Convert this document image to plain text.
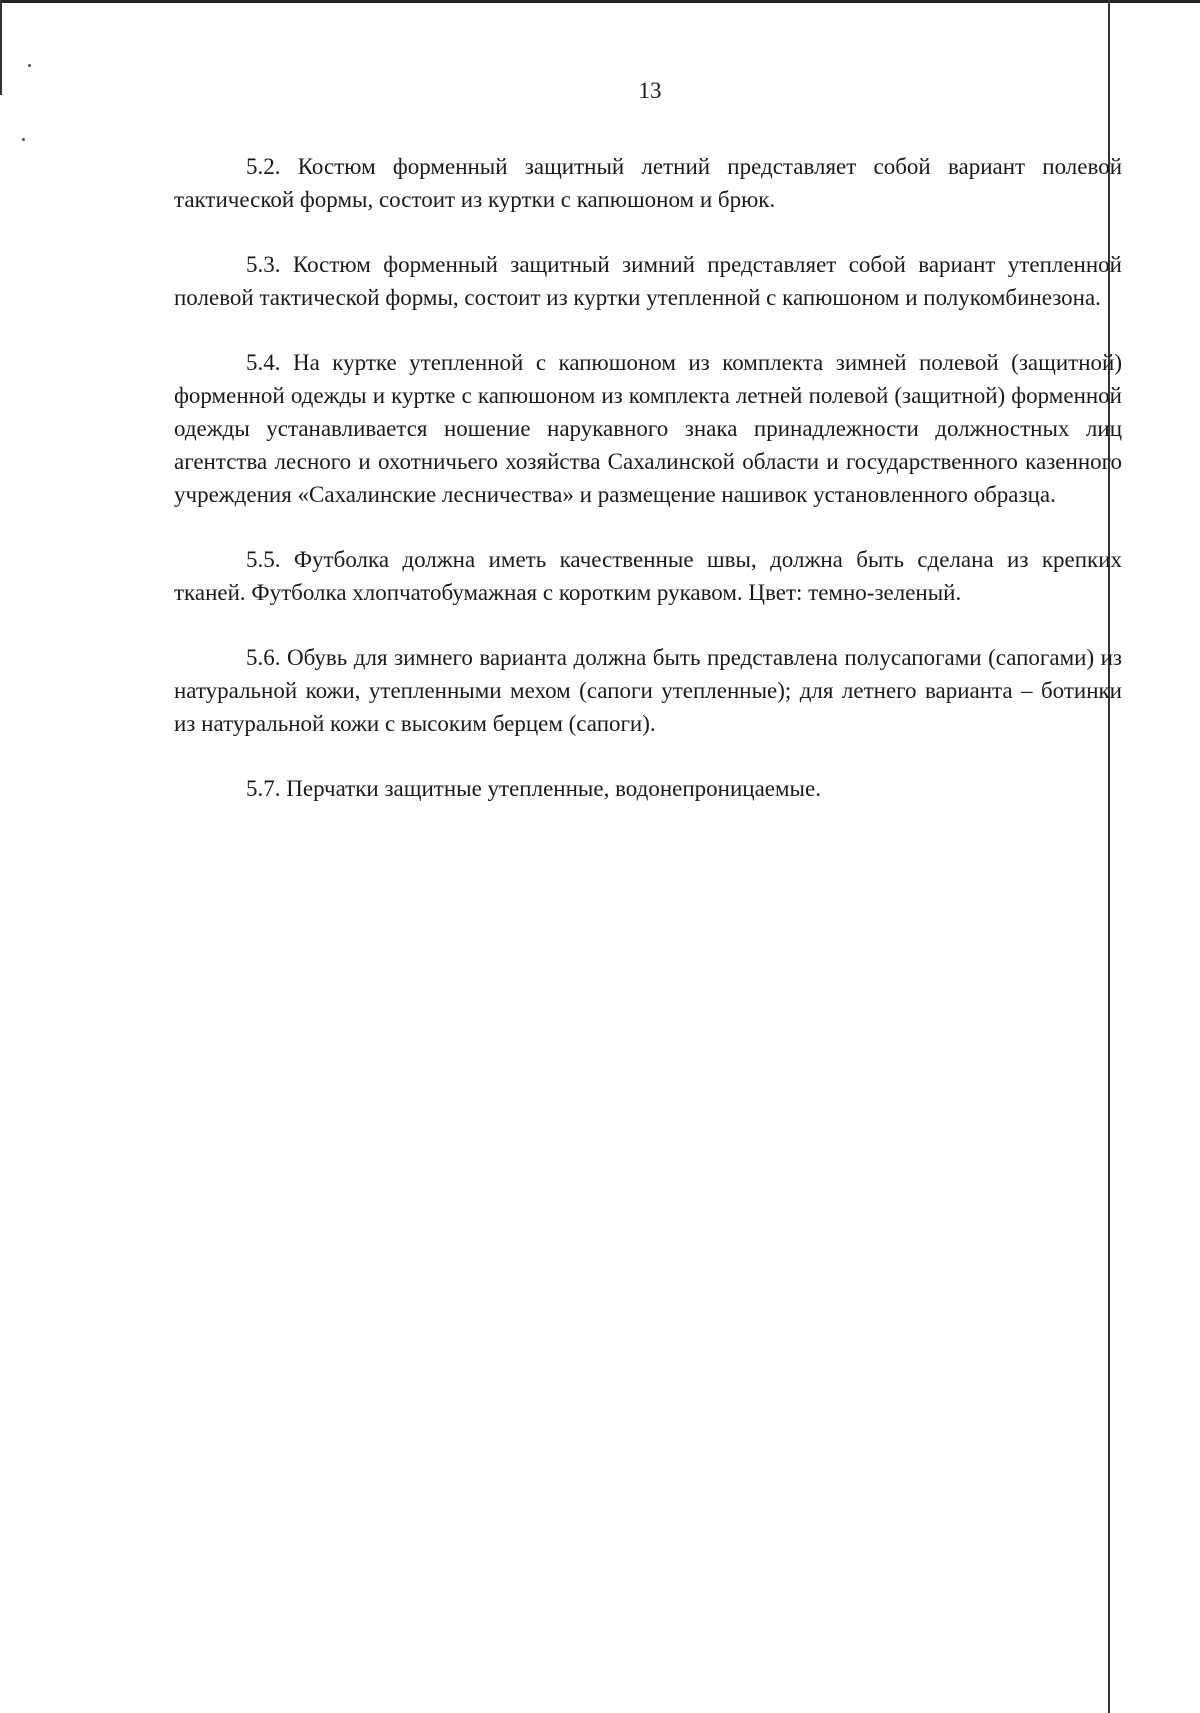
13

5.2. Костюм форменный защитный летний представляет собой вариант полевой тактической формы, состоит из куртки с капюшоном и брюк.

5.3. Костюм форменный защитный зимний представляет собой вариант утепленной полевой тактической формы, состоит из куртки утепленной с капюшоном и полукомбинезона.

5.4. На куртке утепленной с капюшоном из комплекта зимней полевой (защитной) форменной одежды и куртке с капюшоном из комплекта летней полевой (защитной) форменной одежды устанавливается ношение нарукавного знака принадлежности должностных лиц агентства лесного и охотничьего хозяйства Сахалинской области и государственного казенного учреждения «Сахалинские лесничества» и размещение нашивок установленного образца.

5.5. Футболка должна иметь качественные швы, должна быть сделана из крепких тканей. Футболка хлопчатобумажная с коротким рукавом. Цвет: темно-зеленый.

5.6. Обувь для зимнего варианта должна быть представлена полусапогами (сапогами) из натуральной кожи, утепленными мехом (сапоги утепленные); для летнего варианта – ботинки из натуральной кожи с высоким берцем (сапоги).

5.7. Перчатки защитные утепленные, водонепроницаемые.
